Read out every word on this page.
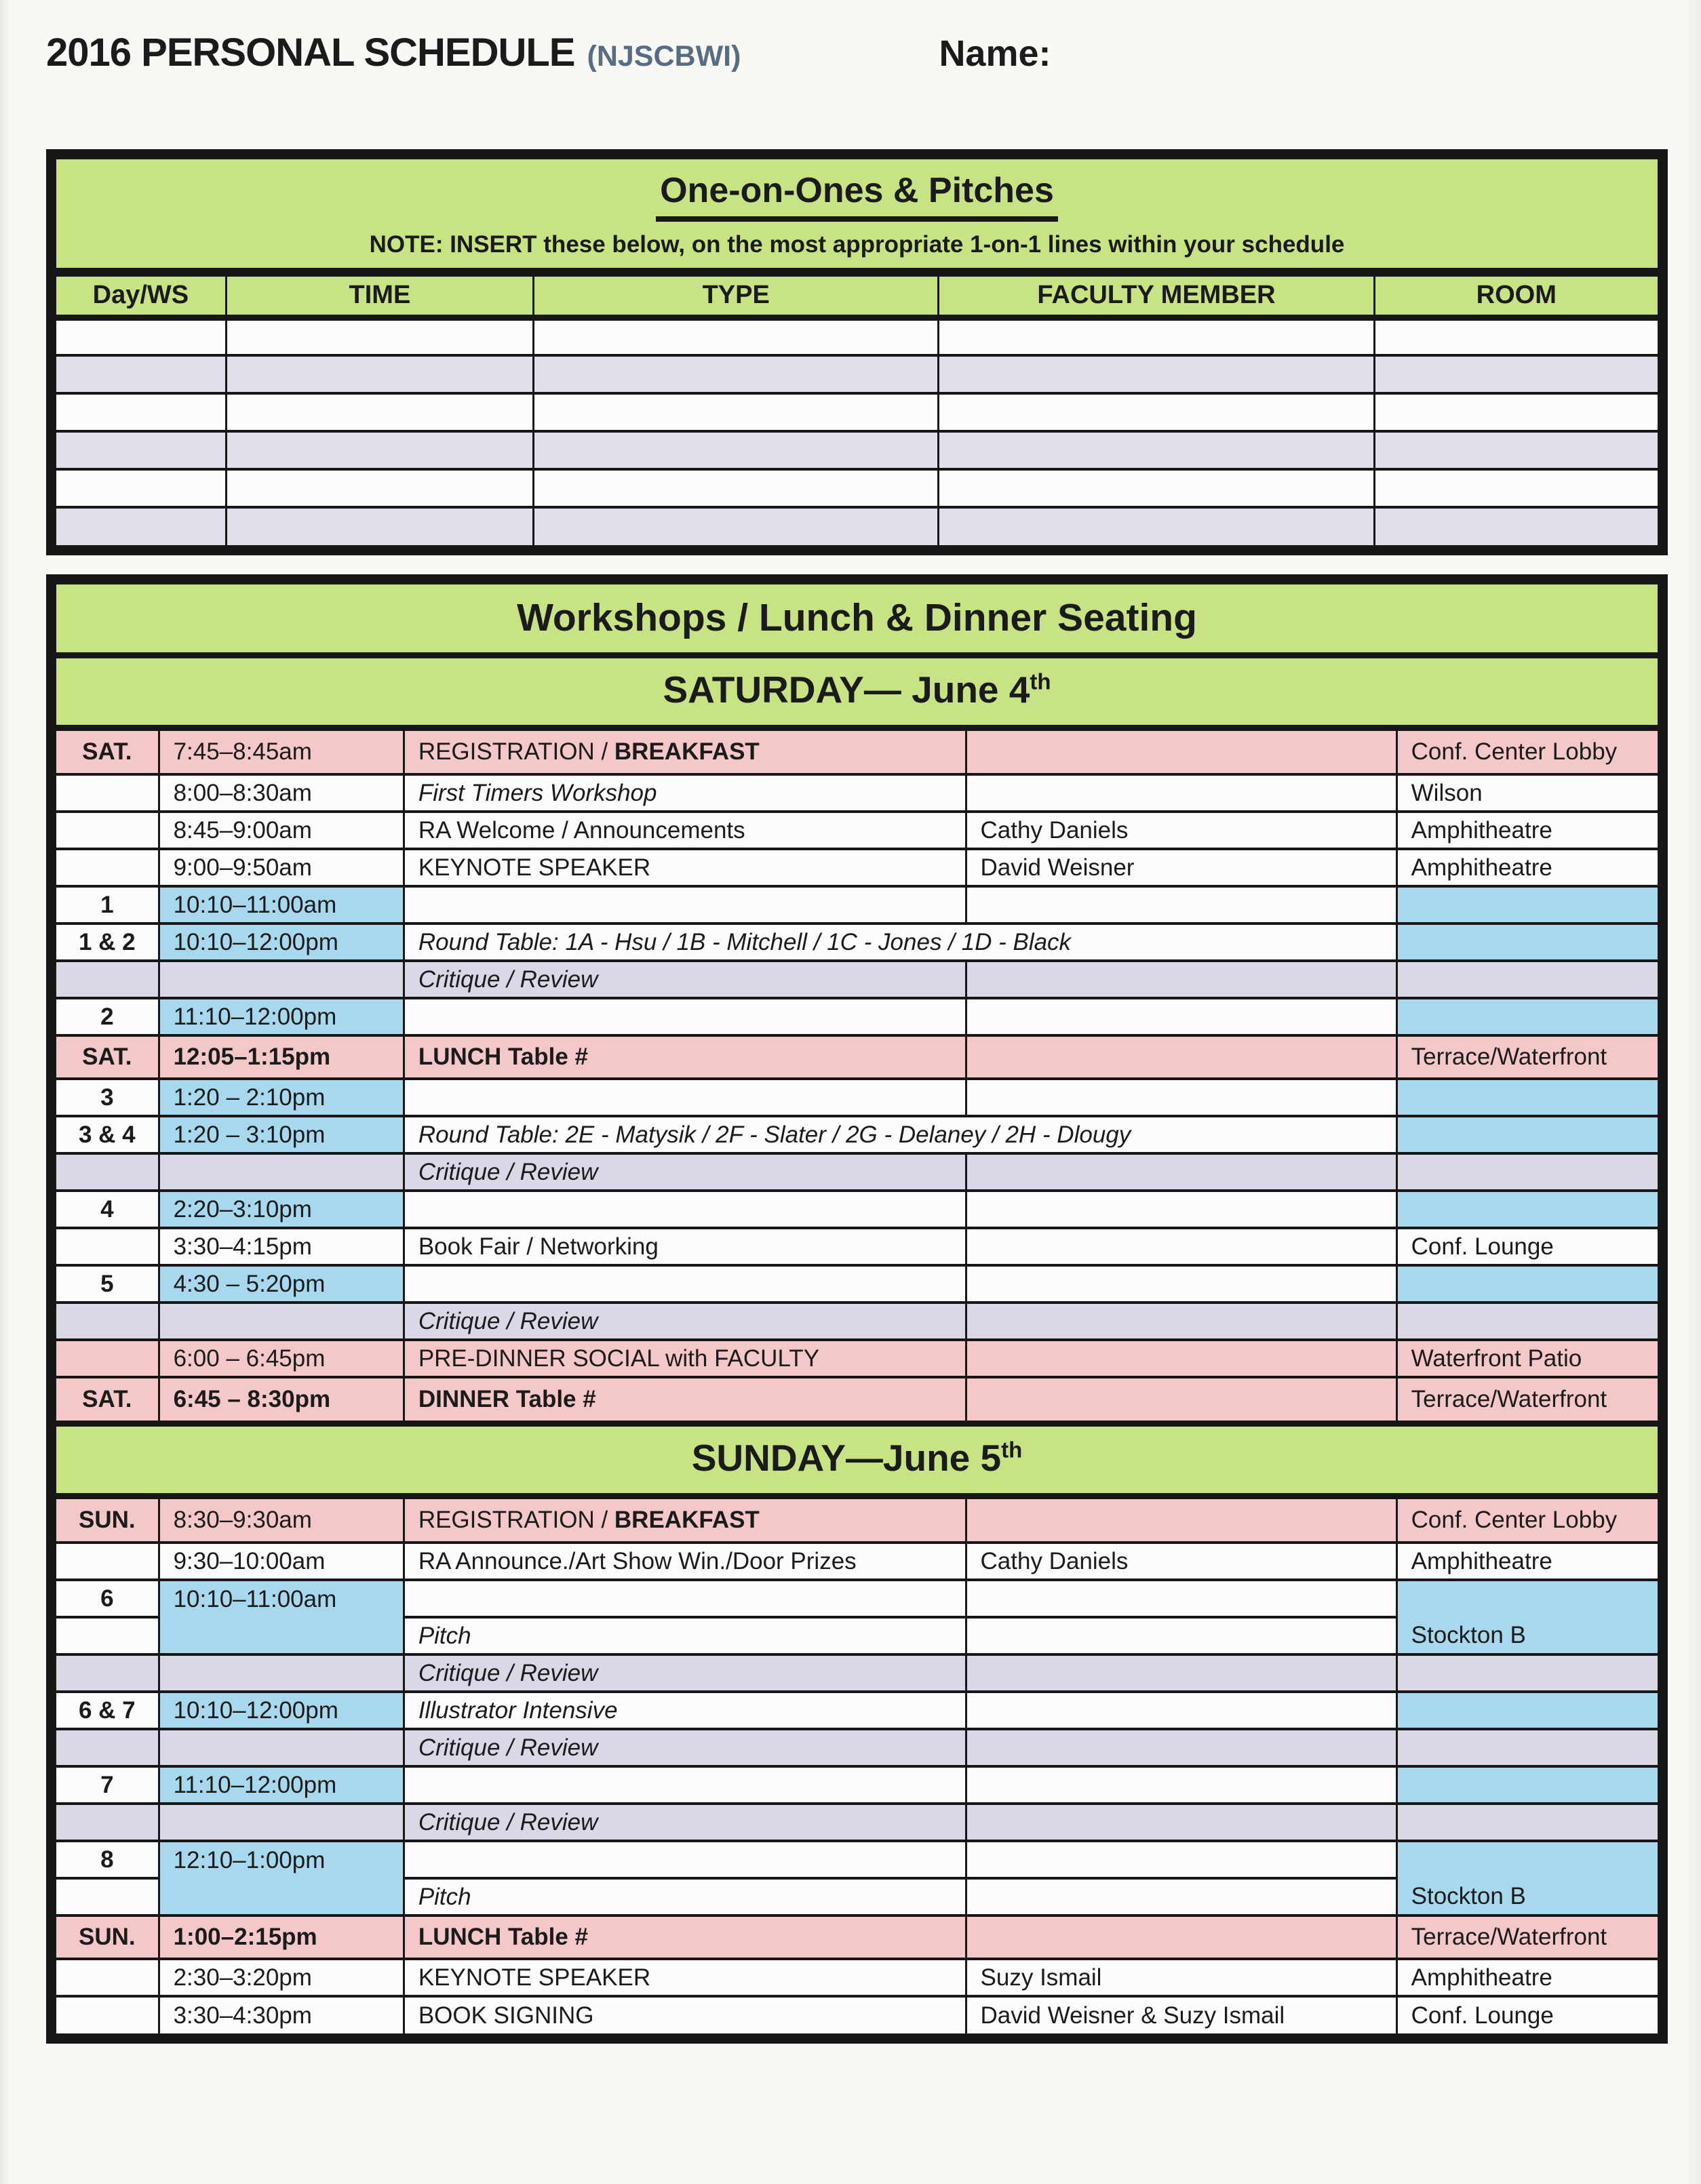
2016 PERSONAL SCHEDULE (NJSCBWI)	Name:
One-on-Ones & Pitches
NOTE: INSERT these below, on the most appropriate 1-on-1 lines within your schedule
Day/WS	TIME	TYPE	FACULTY MEMBER	ROOM

Workshops / Lunch & Dinner Seating
SATURDAY— June 4th
SAT.	7:45–8:45am	REGISTRATION / BREAKFAST		Conf. Center Lobby
	8:00–8:30am	First Timers Workshop		Wilson
	8:45–9:00am	RA Welcome / Announcements	Cathy Daniels	Amphitheatre
	9:00–9:50am	KEYNOTE SPEAKER	David Weisner	Amphitheatre
1	10:10–11:00am			
1 & 2	10:10–12:00pm	Round Table: 1A - Hsu / 1B - Mitchell / 1C - Jones / 1D - Black		
		Critique / Review		
2	11:10–12:00pm			
SAT.	12:05–1:15pm	LUNCH Table #		Terrace/Waterfront
3	1:20 – 2:10pm			
3 & 4	1:20 – 3:10pm	Round Table: 2E - Matysik / 2F - Slater / 2G - Delaney / 2H - Dlougy		
		Critique / Review		
4	2:20–3:10pm			
	3:30–4:15pm	Book Fair / Networking		Conf. Lounge
5	4:30 – 5:20pm			
		Critique / Review		
	6:00 – 6:45pm	PRE-DINNER SOCIAL with FACULTY		Waterfront Patio
SAT.	6:45 – 8:30pm	DINNER Table #		Terrace/Waterfront
SUNDAY—June 5th
SUN.	8:30–9:30am	REGISTRATION / BREAKFAST		Conf. Center Lobby
	9:30–10:00am	RA Announce./Art Show Win./Door Prizes	Cathy Daniels	Amphitheatre
6	10:10–11:00am			
		Pitch		Stockton B
		Critique / Review		
6 & 7	10:10–12:00pm	Illustrator Intensive		
		Critique / Review		
7	11:10–12:00pm			
		Critique / Review		
8	12:10–1:00pm			
		Pitch		Stockton B
SUN.	1:00–2:15pm	LUNCH Table #		Terrace/Waterfront
	2:30–3:20pm	KEYNOTE SPEAKER	Suzy Ismail	Amphitheatre
	3:30–4:30pm	BOOK SIGNING	David Weisner & Suzy Ismail	Conf. Lounge
